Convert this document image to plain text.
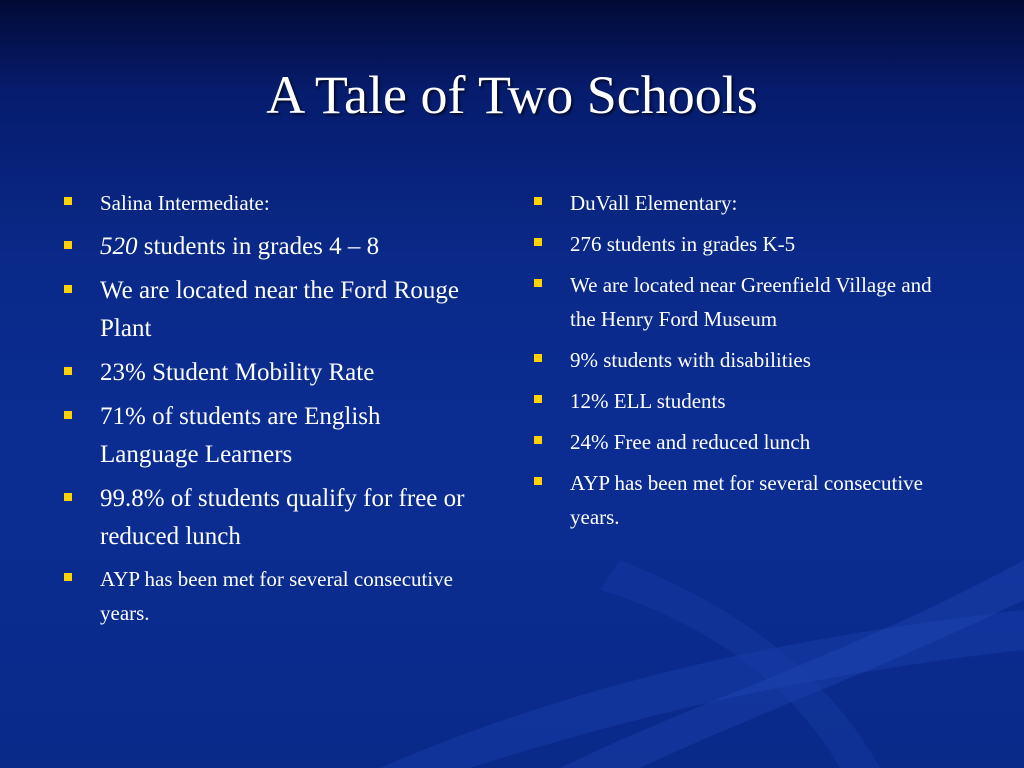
A Tale of Two Schools
Salina Intermediate:
520 students in grades 4 – 8
We are located near the Ford Rouge Plant
23% Student Mobility Rate
71% of students are English Language Learners
99.8% of students qualify for free or reduced lunch
AYP has been met for several consecutive years.
DuVall Elementary:
276 students in grades K-5
We are located near Greenfield Village and the Henry Ford Museum
9% students with disabilities
12% ELL students
24% Free and reduced lunch
AYP has been met for several consecutive years.
